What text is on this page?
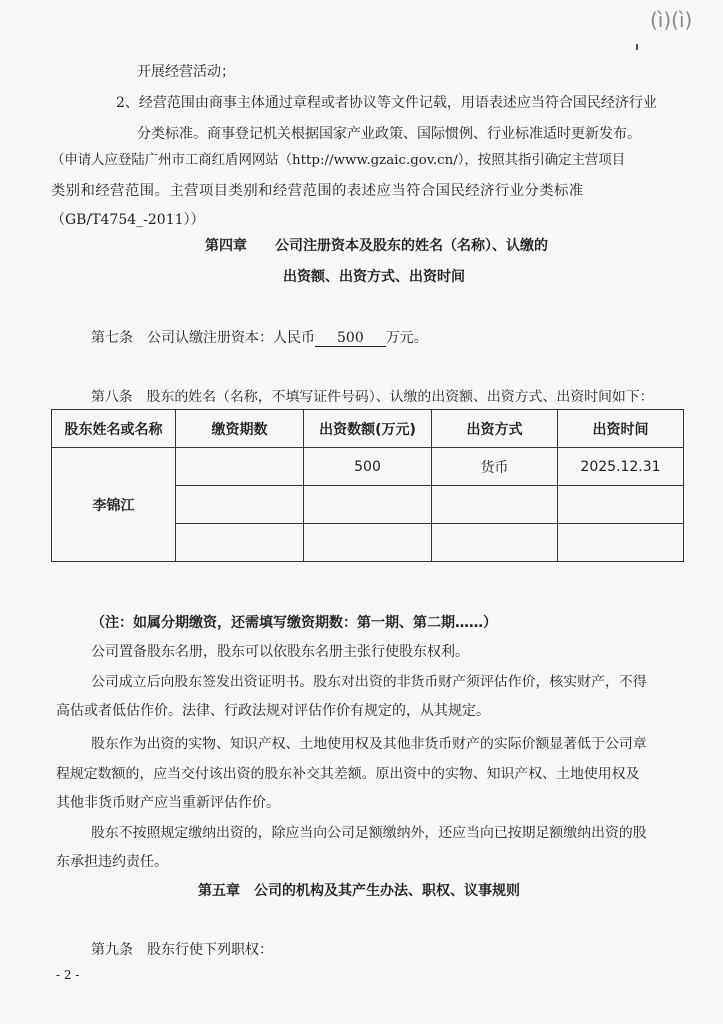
(ì)(ì)
开展经营活动；
2、经营范围由商事主体通过章程或者协议等文件记载，用语表述应当符合国民经济行业
分类标准。商事登记机关根据国家产业政策、国际惯例、行业标准适时更新发布。
（申请人应登陆广州市工商红盾网网站（http://www.gzaic.gov.cn/），按照其指引确定主营项目
类别和经营范围。主营项目类别和经营范围的表述应当符合国民经济行业分类标准
（GB/T4754_-2011））
第四章　　公司注册资本及股东的姓名（名称）、认缴的
出资额、出资方式、出资时间
第七条　公司认缴注册资本：人民币 500 万元。
第八条　股东的姓名（名称，不填写证件号码）、认缴的出资额、出资方式、出资时间如下：
股东姓名或名称	缴资期数	出资数额(万元)	出资方式	出资时间
李锦江		500	货币	2025.12.31

（注：如属分期缴资，还需填写缴资期数：第一期、第二期……）
公司置备股东名册，股东可以依股东名册主张行使股东权利。
公司成立后向股东签发出资证明书。股东对出资的非货币财产须评估作价，核实财产，不得
高估或者低估作价。法律、行政法规对评估作价有规定的，从其规定。
股东作为出资的实物、知识产权、土地使用权及其他非货币财产的实际价额显著低于公司章
程规定数额的，应当交付该出资的股东补交其差额。原出资中的实物、知识产权、土地使用权及
其他非货币财产应当重新评估作价。
股东不按照规定缴纳出资的，除应当向公司足额缴纳外，还应当向已按期足额缴纳出资的股
东承担违约责任。
第五章　公司的机构及其产生办法、职权、议事规则
第九条　股东行使下列职权：
- 2 -
